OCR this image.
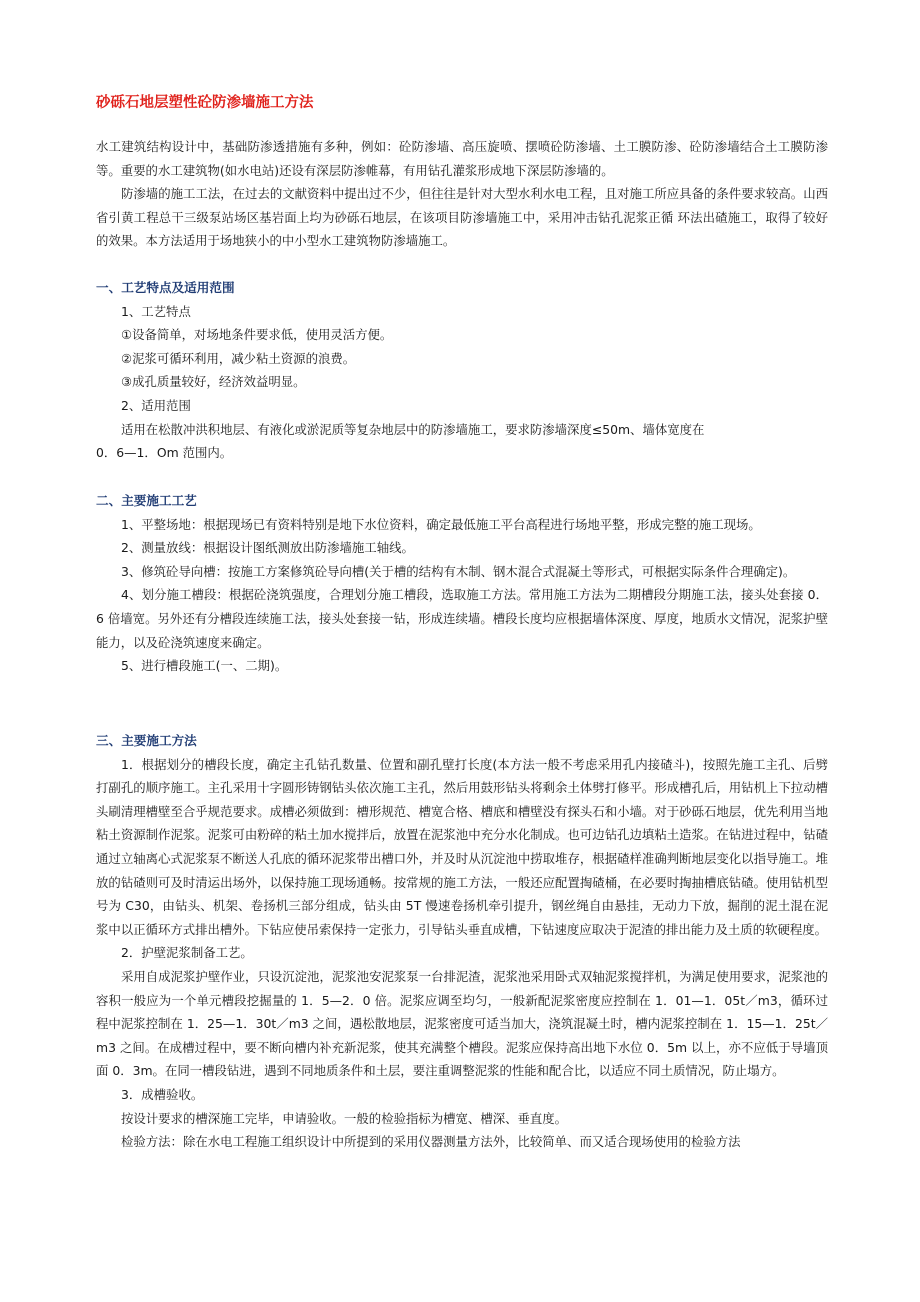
砂砾石地层塑性砼防渗墙施工方法

水工建筑结构设计中，基础防渗透措施有多种，例如：砼防渗墙、高压旋喷、摆喷砼防渗墙、土工膜防渗、砼防渗墙结合土工膜防渗等。重要的水工建筑物(如水电站)还设有深层防渗帷幕，有用钻孔灌浆形成地下深层防渗墙的。

防渗墙的施工工法，在过去的文献资料中提出过不少，但往往是针对大型水利水电工程，且对施工所应具备的条件要求较高。山西省引黄工程总干三级泵站场区基岩面上均为砂砾石地层，在该项目防渗墙施工中，采用冲击钻孔泥浆正循 环法出碴施工，取得了较好的效果。本方法适用于场地狭小的中小型水工建筑物防渗墙施工。

一、工艺特点及适用范围

1、工艺特点

①设备简单，对场地条件要求低，使用灵活方便。

②泥浆可循环利用，减少粘土资源的浪费。

③成孔质量较好，经济效益明显。

2、适用范围

适用在松散冲洪积地层、有液化或淤泥质等复杂地层中的防渗墙施工，要求防渗墙深度≤50m、墙体宽度在

0．6—1．Om 范围内。

二、主要施工工艺

1、平整场地：根据现场已有资料特别是地下水位资料，确定最低施工平台高程进行场地平整，形成完整的施工现场。

2、测量放线：根据设计图纸测放出防渗墙施工轴线。

3、修筑砼导向槽：按施工方案修筑砼导向槽(关于槽的结构有木制、钢木混合式混凝土等形式，可根据实际条件合理确定)。

4、划分施工槽段：根据砼浇筑强度，合理划分施工槽段，选取施工方法。常用施工方法为二期槽段分期施工法，接头处套接 0．6 倍墙宽。另外还有分槽段连续施工法，接头处套接一钻，形成连续墙。槽段长度均应根据墙体深度、厚度，地质水文情况，泥浆护壁能力，以及砼浇筑速度来确定。

5、进行槽段施工(一、二期)。

三、主要施工方法

1．根据划分的槽段长度，确定主孔钻孔数量、位置和副孔壁打长度(本方法一般不考虑采用孔内接碴斗)，按照先施工主孔、后劈打副孔的顺序施工。主孔采用十字圆形铸钢钻头依次施工主孔，然后用鼓形钻头将剩余土体劈打修平。形成槽孔后，用钻机上下拉动槽头刷清理槽壁至合乎规范要求。成槽必须做到：槽形规范、槽宽合格、槽底和槽壁没有探头石和小墙。对于砂砾石地层，优先利用当地粘土资源制作泥浆。泥浆可由粉碎的粘土加水搅拌后，放置在泥浆池中充分水化制成。也可边钻孔边填粘土造浆。在钻进过程中，钻碴通过立轴离心式泥浆泵不断送人孔底的循环泥浆带出槽口外，并及时从沉淀池中捞取堆存，根据碴样准确判断地层变化以指导施工。堆放的钻碴则可及时清运出场外，以保持施工现场通畅。按常规的施工方法，一般还应配置掏碴桶，在必要时掏抽槽底钻碴。使用钻机型号为 C30，由钻头、机架、卷扬机三部分组成，钻头由 5T 慢速卷扬机牵引提升，钢丝绳自由悬挂，无动力下放，掘削的泥土混在泥浆中以正循环方式排出槽外。下钻应使吊索保持一定张力，引导钻头垂直成槽，下钻速度应取决于泥渣的排出能力及土质的软硬程度。

2．护壁泥浆制备工艺。

采用自成泥浆护壁作业，只设沉淀池，泥浆池安泥浆泵一台排泥渣，泥浆池采用卧式双轴泥浆搅拌机，为满足使用要求，泥浆池的容积一般应为一个单元槽段挖掘量的 1．5—2．0 倍。泥浆应调至均匀，一般新配泥浆密度应控制在 1．01—1．05t／m3，循环过程中泥浆控制在 1．25—1．30t／m3 之间，遇松散地层，泥浆密度可适当加大，浇筑混凝土时，槽内泥浆控制在 1．15—1．25t／m3 之间。在成槽过程中，要不断向槽内补充新泥浆，使其充满整个槽段。泥浆应保持高出地下水位 0．5m 以上，亦不应低于导墙顶面 0．3m。在同一槽段钻进，遇到不同地质条件和土层，要注重调整泥浆的性能和配合比，以适应不同土质情况，防止塌方。

3．成槽验收。

按设计要求的槽深施工完毕，申请验收。一般的检验指标为槽宽、槽深、垂直度。

检验方法：除在水电工程施工组织设计中所提到的采用仪器测量方法外，比较简单、而又适合现场使用的检验方法
